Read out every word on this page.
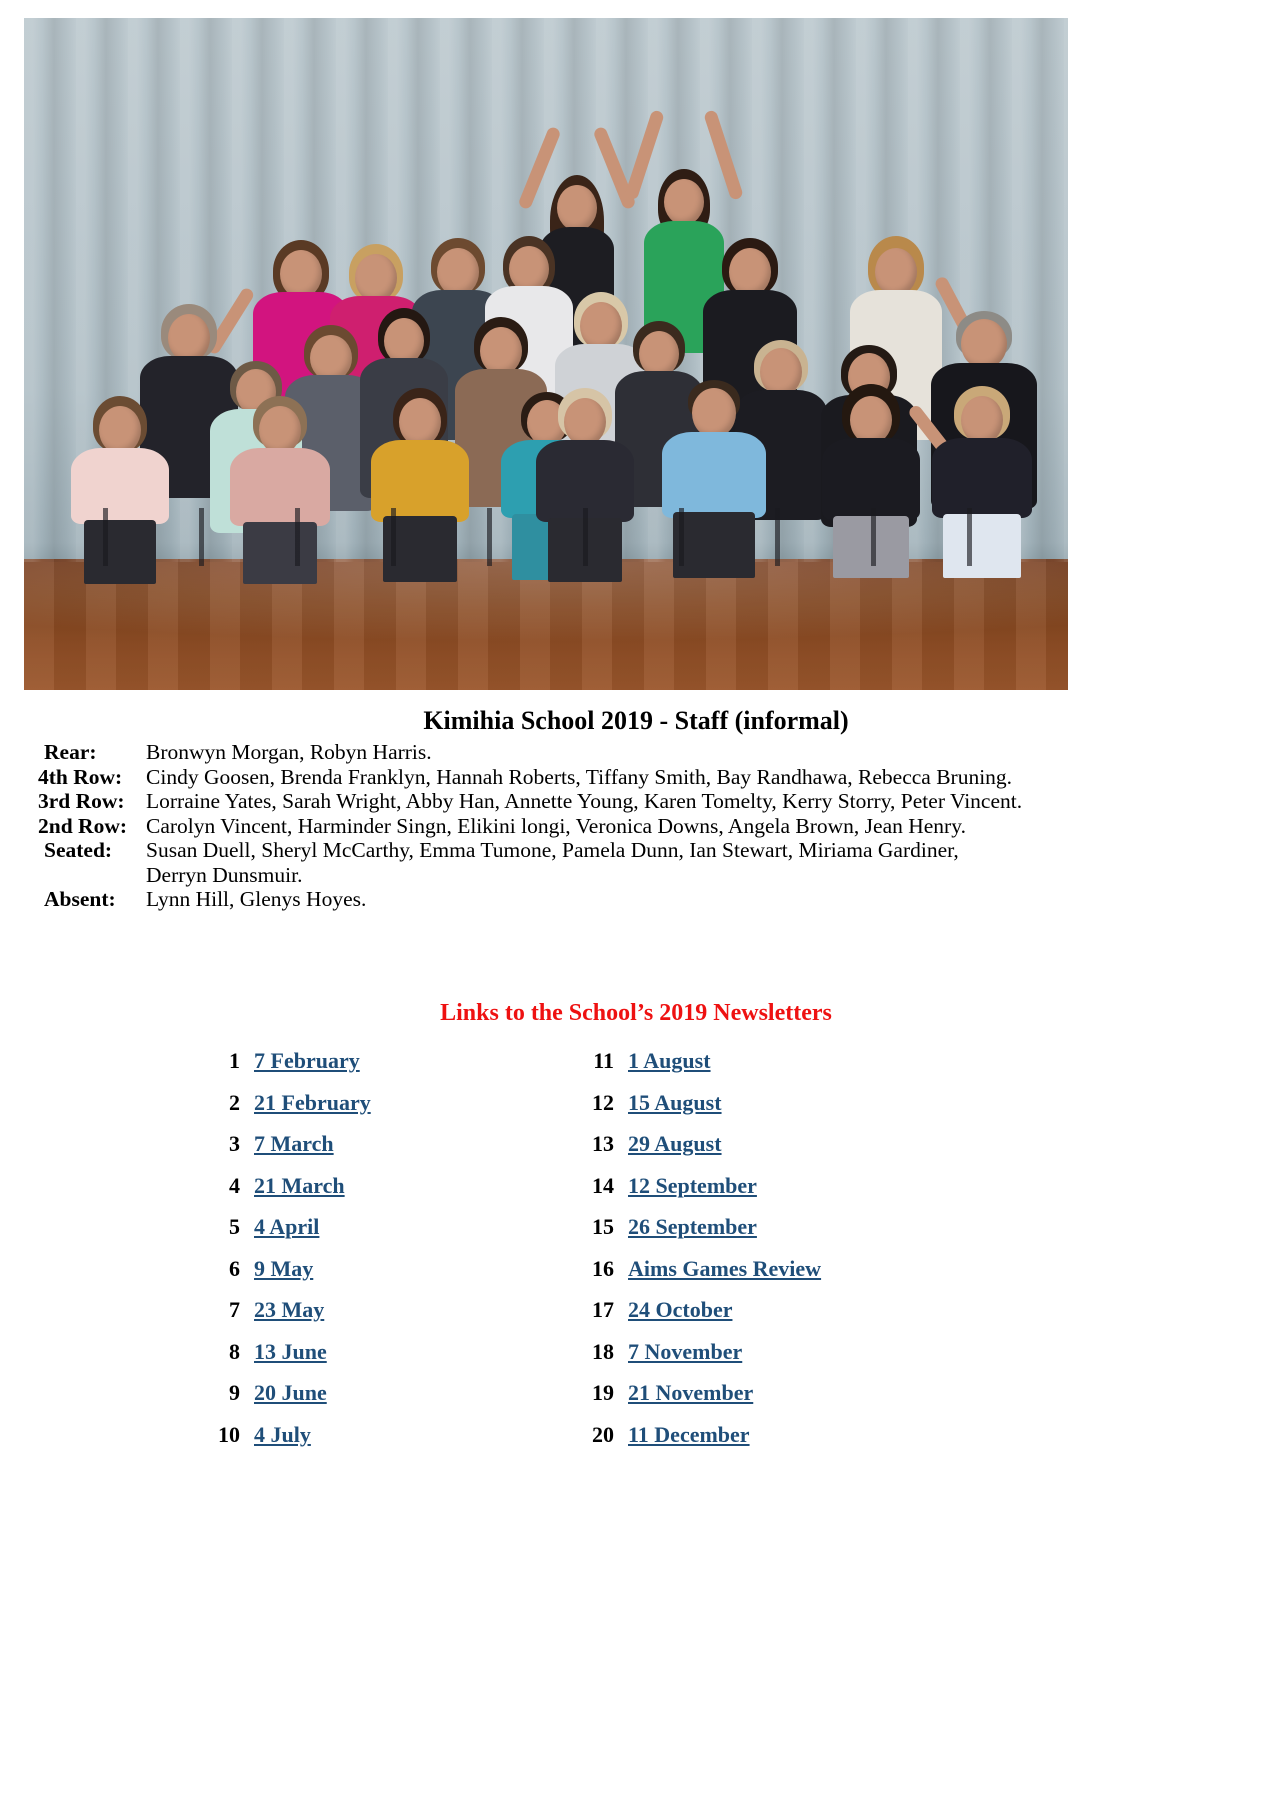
Kimihia School 2019 - Staff (informal)
Rear:	Bronwyn Morgan, Robyn Harris.
4th Row:	Cindy Goosen, Brenda Franklyn, Hannah Roberts, Tiffany Smith, Bay Randhawa, Rebecca Bruning.
3rd Row: Lorraine Yates, Sarah Wright, Abby Han, Annette Young, Karen Tomelty, Kerry Storry, Peter Vincent.
2nd Row: Carolyn Vincent, Harminder Singn, Elikini longi, Veronica Downs, Angela Brown, Jean Henry.
Seated:	Susan Duell, Sheryl McCarthy, Emma Tumone, Pamela Dunn, Ian Stewart, Miriama Gardiner,
Derryn Dunsmuir.
Absent:	Lynn Hill, Glenys Hoyes.
Links to the School’s 2019 Newsletters
1 7 February	11 1 August
2 21 February	12 15 August
3 7 March	13 29 August
4 21 March	14 12 September
5 4 April	15 26 September
6 9 May	16 Aims Games Review
7 23 May	17 24 October
8 13 June	18 7 November
9 20 June	19 21 November
10 4 July	20 11 December
